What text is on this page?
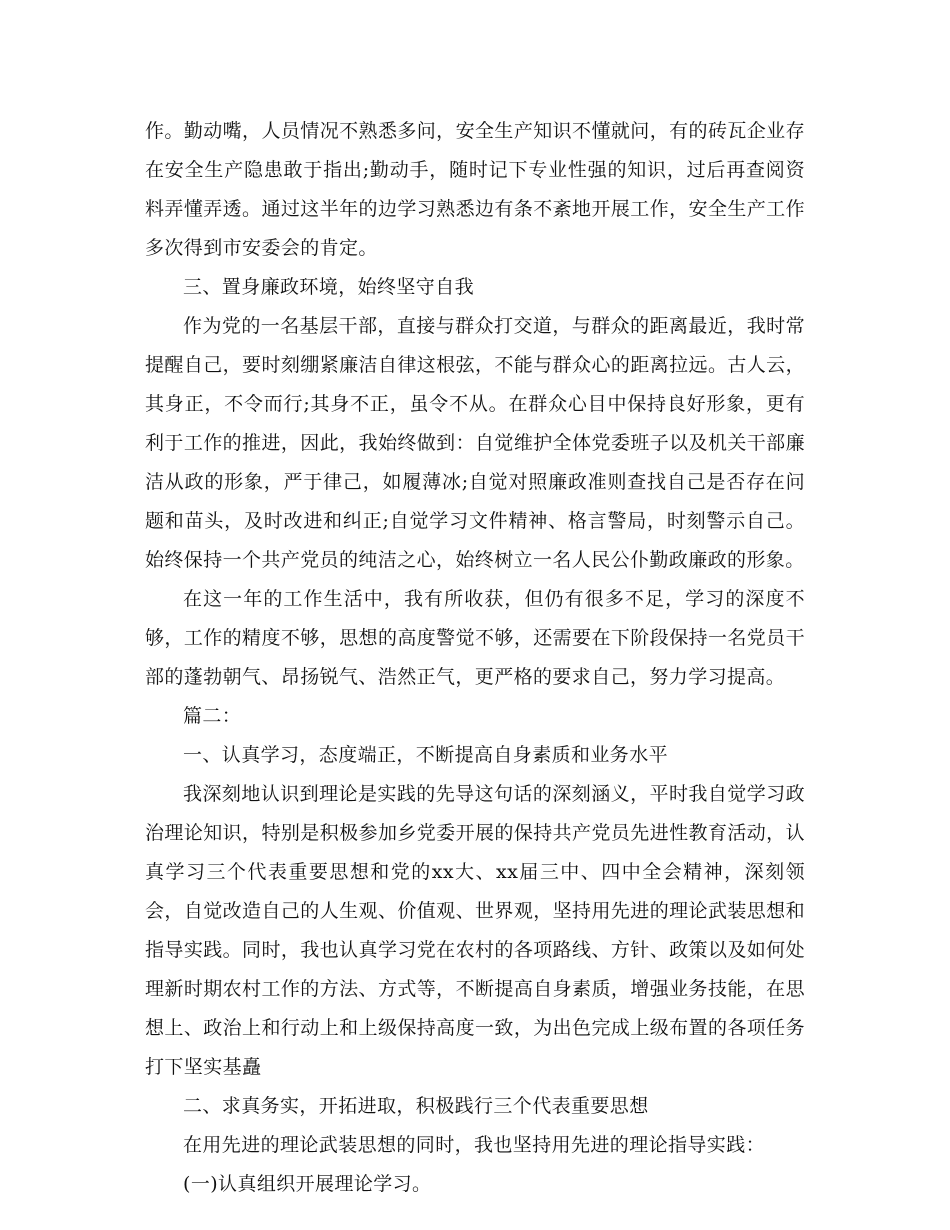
作。勤动嘴，人员情况不熟悉多问，安全生产知识不懂就问，有的砖瓦企业存在安全生产隐患敢于指出;勤动手，随时记下专业性强的知识，过后再查阅资料弄懂弄透。通过这半年的边学习熟悉边有条不紊地开展工作，安全生产工作多次得到市安委会的肯定。

三、置身廉政环境，始终坚守自我

作为党的一名基层干部，直接与群众打交道，与群众的距离最近，我时常提醒自己，要时刻绷紧廉洁自律这根弦，不能与群众心的距离拉远。古人云，其身正，不令而行;其身不正，虽令不从。在群众心目中保持良好形象，更有利于工作的推进，因此，我始终做到：自觉维护全体党委班子以及机关干部廉洁从政的形象，严于律己，如履薄冰;自觉对照廉政准则查找自己是否存在问题和苗头，及时改进和纠正;自觉学习文件精神、格言警局，时刻警示自己。始终保持一个共产党员的纯洁之心，始终树立一名人民公仆勤政廉政的形象。

在这一年的工作生活中，我有所收获，但仍有很多不足，学习的深度不够，工作的精度不够，思想的高度警觉不够，还需要在下阶段保持一名党员干部的蓬勃朝气、昂扬锐气、浩然正气，更严格的要求自己，努力学习提高。

篇二：

一、认真学习，态度端正，不断提高自身素质和业务水平

我深刻地认识到理论是实践的先导这句话的深刻涵义，平时我自觉学习政治理论知识，特别是积极参加乡党委开展的保持共产党员先进性教育活动，认真学习三个代表重要思想和党的xx大、xx届三中、四中全会精神，深刻领会，自觉改造自己的人生观、价值观、世界观，坚持用先进的理论武装思想和指导实践。同时，我也认真学习党在农村的各项路线、方针、政策以及如何处理新时期农村工作的方法、方式等，不断提高自身素质，增强业务技能，在思想上、政治上和行动上和上级保持高度一致，为出色完成上级布置的各项任务打下坚实基矗

二、求真务实，开拓进取，积极践行三个代表重要思想

在用先进的理论武装思想的同时，我也坚持用先进的理论指导实践：

(一)认真组织开展理论学习。
